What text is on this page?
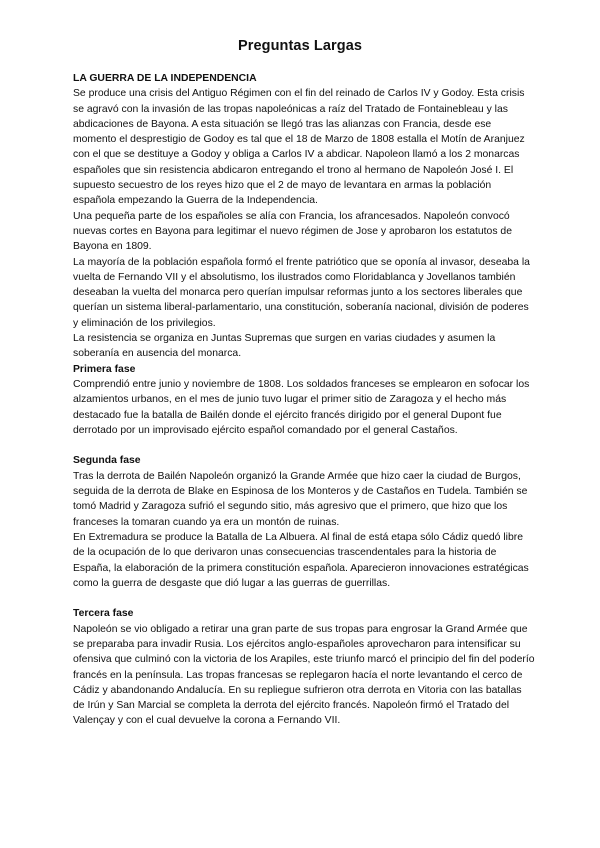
Preguntas Largas

LA GUERRA DE LA INDEPENDENCIA

Se produce una crisis del Antiguo Régimen con el fin del reinado de Carlos IV y Godoy. Esta crisis se agravó con la invasión de las tropas napoleónicas a raíz del Tratado de Fontainebleau y las abdicaciones de Bayona. A esta situación se llegó tras las alianzas con Francia, desde ese momento el desprestigio de Godoy es tal que el 18 de Marzo de 1808 estalla el Motín de Aranjuez con el que se destituye a Godoy y obliga a Carlos IV a abdicar. Napoleon llamó a los 2 monarcas españoles que sin resistencia abdicaron entregando el trono al hermano de Napoleón José I. El supuesto secuestro de los reyes hizo que el 2 de mayo de levantara en armas la población española empezando la Guerra de la Independencia.

Una pequeña parte de los españoles se alía con Francia, los afrancesados. Napoleón convocó nuevas cortes en Bayona para legitimar el nuevo régimen de Jose y aprobaron los estatutos de Bayona en 1809.

La mayoría de la población española formó el frente patriótico que se oponía al invasor, deseaba la vuelta de Fernando VII y el absolutismo, los ilustrados como Floridablanca y Jovellanos también deseaban la vuelta del monarca pero querían impulsar reformas junto a los sectores liberales que querían un sistema liberal-parlamentario, una constitución, soberanía nacional, división de poderes y eliminación de los privilegios.

La resistencia se organiza en Juntas Supremas que surgen en varias ciudades y asumen la soberanía en ausencia del monarca.

Primera fase

Comprendió entre junio y noviembre de 1808. Los soldados franceses se emplearon en sofocar los alzamientos urbanos, en el mes de junio tuvo lugar el primer sitio de Zaragoza y el hecho más destacado fue la batalla de Bailén donde el ejército francés dirigido por el general Dupont fue derrotado por un improvisado ejército español comandado por el general Castaños.

Segunda fase

Tras la derrota de Bailén Napoleón organizó la Grande Armée que hizo caer la ciudad de Burgos, seguida de la derrota de Blake en Espinosa de los Monteros y de Castaños en Tudela. También se tomó Madrid y Zaragoza sufrió el segundo sitio, más agresivo que el primero, que hizo que los franceses la tomaran cuando ya era un montón de ruinas.

En Extremadura se produce la Batalla de La Albuera. Al final de está etapa sólo Cádiz quedó libre de la ocupación de lo que derivaron unas consecuencias trascendentales para la historia de España, la elaboración de la primera constitución española. Aparecieron innovaciones estratégicas como la guerra de desgaste que dió lugar a las guerras de guerrillas.

Tercera fase

Napoleón se vio obligado a retirar una gran parte de sus tropas para engrosar la Grand Armée que se preparaba para invadir Rusia. Los ejércitos anglo-españoles aprovecharon para intensificar su ofensiva que culminó con la victoria de los Arapiles, este triunfo marcó el principio del fin del poderío francés en la península. Las tropas francesas se replegaron hacía el norte levantando el cerco de Cádiz y abandonando Andalucía. En su repliegue sufrieron otra derrota en Vitoria con las batallas de Irún y San Marcial se completa la derrota del ejército francés. Napoleón firmó el Tratado del Valençay y con el cual devuelve la corona a Fernando VII.
